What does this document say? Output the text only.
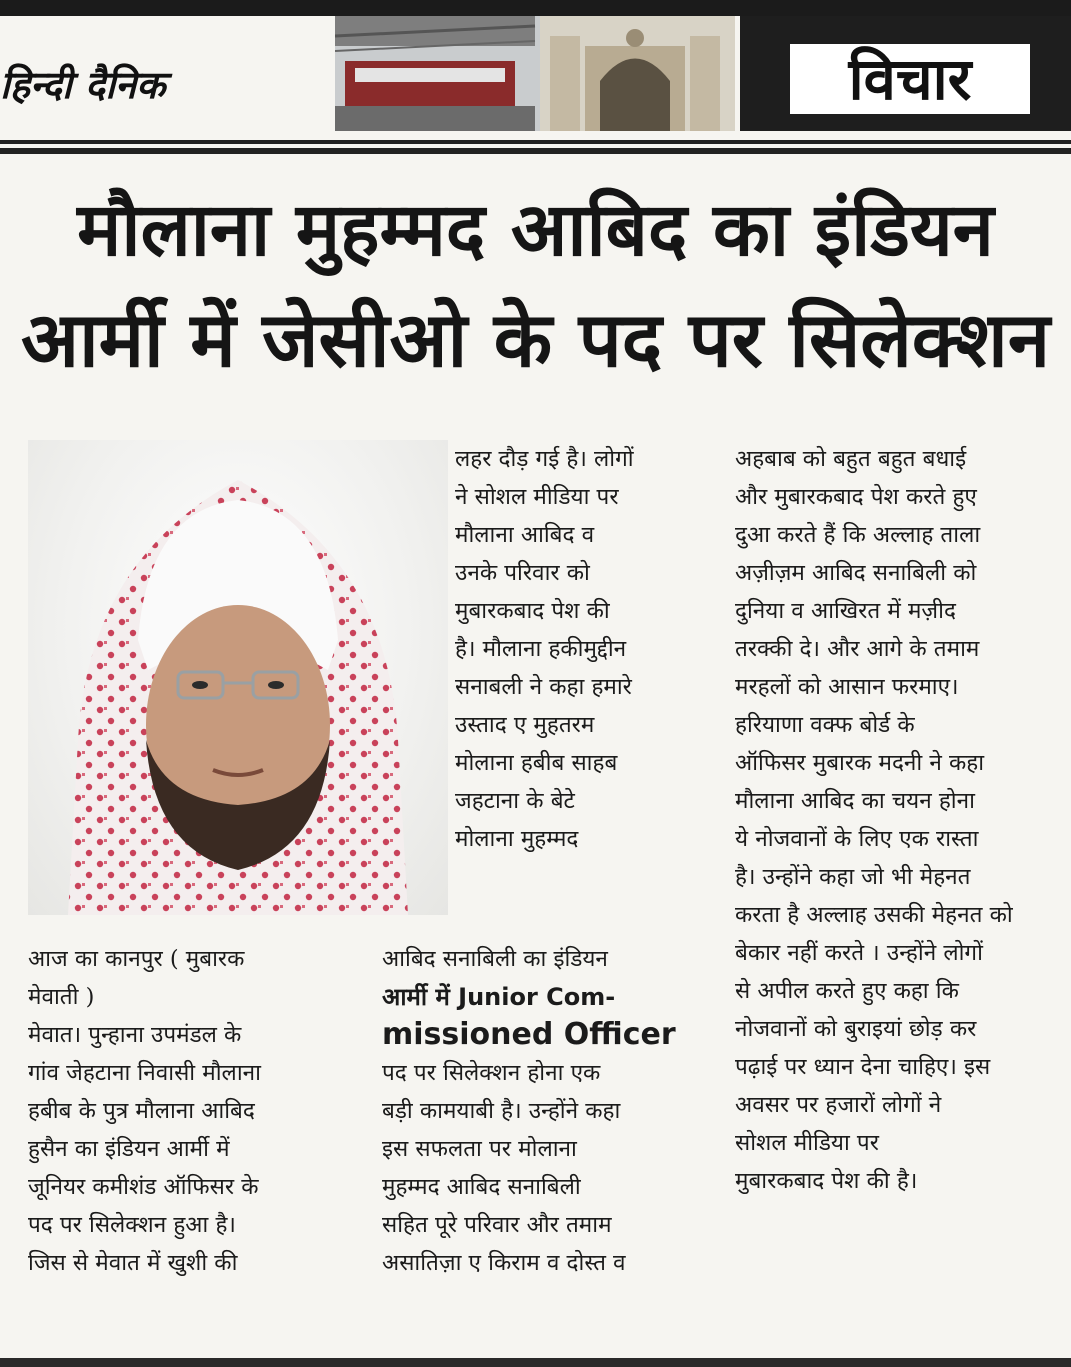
हिन्दी दैनिक	विचार
मौलाना मुहम्मद आबिद का इंडियन
आर्मी में जेसीओ के पद पर सिलेक्शन
लहर दौड़ गई है। लोगों
ने सोशल मीडिया पर
मौलाना आबिद व
उनके परिवार को
मुबारकबाद पेश की
है। मौलाना हकीमुद्दीन
सनाबली ने कहा हमारे
उस्ताद ए मुहतरम
मोलाना हबीब साहब
जहटाना के बेटे
मोलाना मुहम्मद
अहबाब को बहुत बहुत बधाई
और मुबारकबाद पेश करते हुए
दुआ करते हैं कि अल्लाह ताला
अज़ीज़म आबिद सनाबिली को
दुनिया व आखिरत में मज़ीद
तरक्की दे। और आगे के तमाम
मरहलों को आसान फरमाए।
हरियाणा वक्फ बोर्ड के
ऑफिसर मुबारक मदनी ने कहा
मौलाना आबिद का चयन होना
ये नोजवानों के लिए एक रास्ता
है। उन्होंने कहा जो भी मेहनत
करता है अल्लाह उसकी मेहनत को
बेकार नहीं करते । उन्होंने लोगों
से अपील करते हुए कहा कि
नोजवानों को बुराइयां छोड़ कर
पढ़ाई पर ध्यान देना चाहिए। इस
अवसर पर हजारों लोगों ने
सोशल मीडिया पर
मुबारकबाद पेश की है।
आज का कानपुर ( मुबारक
मेवाती )
मेवात। पुन्हाना उपमंडल के
गांव जेहटाना निवासी मौलाना
हबीब के पुत्र मौलाना आबिद
हुसैन का इंडियन आर्मी में
जूनियर कमीशंड ऑफिसर के
पद पर सिलेक्शन हुआ है।
जिस से मेवात में खुशी की
आबिद सनाबिली का इंडियन
आर्मी में Junior Com-
missioned Officer
पद पर सिलेक्शन होना एक
बड़ी कामयाबी है। उन्होंने कहा
इस सफलता पर मोलाना
मुहम्मद आबिद सनाबिली
सहित पूरे परिवार और तमाम
असातिज़ा ए किराम व दोस्त व
